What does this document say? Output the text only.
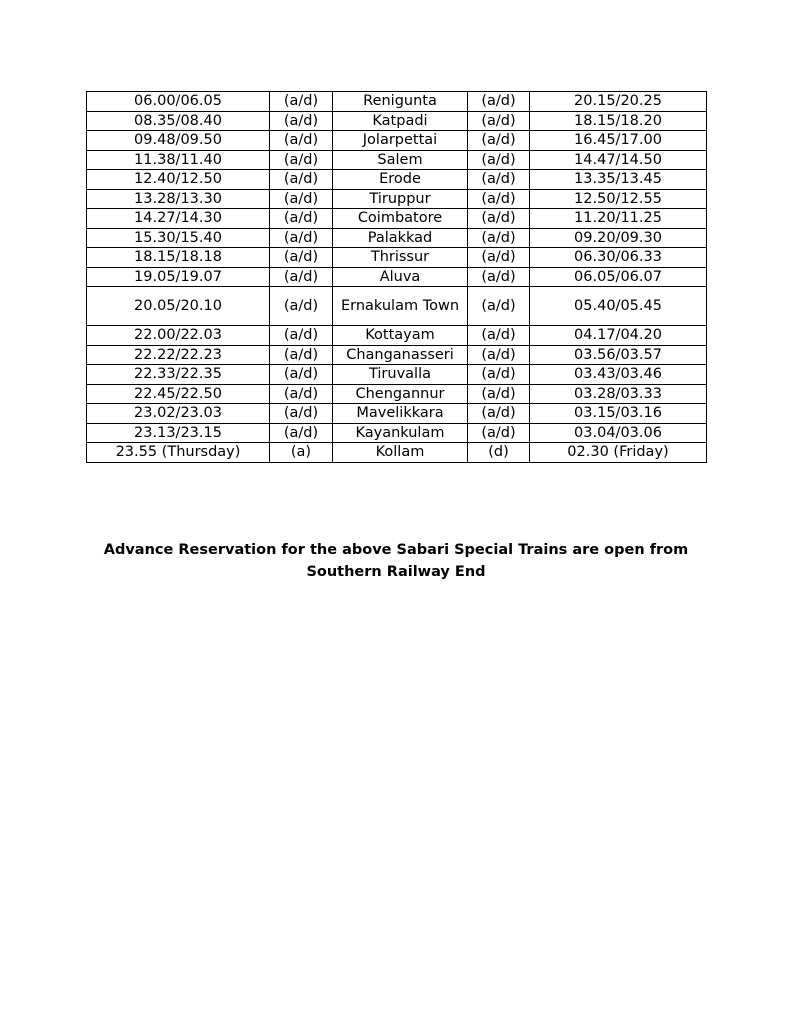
06.00/06.05	(a/d)	Renigunta	(a/d)	20.15/20.25
08.35/08.40	(a/d)	Katpadi	(a/d)	18.15/18.20
09.48/09.50	(a/d)	Jolarpettai	(a/d)	16.45/17.00
11.38/11.40	(a/d)	Salem	(a/d)	14.47/14.50
12.40/12.50	(a/d)	Erode	(a/d)	13.35/13.45
13.28/13.30	(a/d)	Tiruppur	(a/d)	12.50/12.55
14.27/14.30	(a/d)	Coimbatore	(a/d)	11.20/11.25
15.30/15.40	(a/d)	Palakkad	(a/d)	09.20/09.30
18.15/18.18	(a/d)	Thrissur	(a/d)	06.30/06.33
19.05/19.07	(a/d)	Aluva	(a/d)	06.05/06.07
20.05/20.10	(a/d)	Ernakulam Town	(a/d)	05.40/05.45
22.00/22.03	(a/d)	Kottayam	(a/d)	04.17/04.20
22.22/22.23	(a/d)	Changanasseri	(a/d)	03.56/03.57
22.33/22.35	(a/d)	Tiruvalla	(a/d)	03.43/03.46
22.45/22.50	(a/d)	Chengannur	(a/d)	03.28/03.33
23.02/23.03	(a/d)	Mavelikkara	(a/d)	03.15/03.16
23.13/23.15	(a/d)	Kayankulam	(a/d)	03.04/03.06
23.55 (Thursday)	(a)	Kollam	(d)	02.30 (Friday)
Advance Reservation for the above Sabari Special Trains are open from
Southern Railway End
